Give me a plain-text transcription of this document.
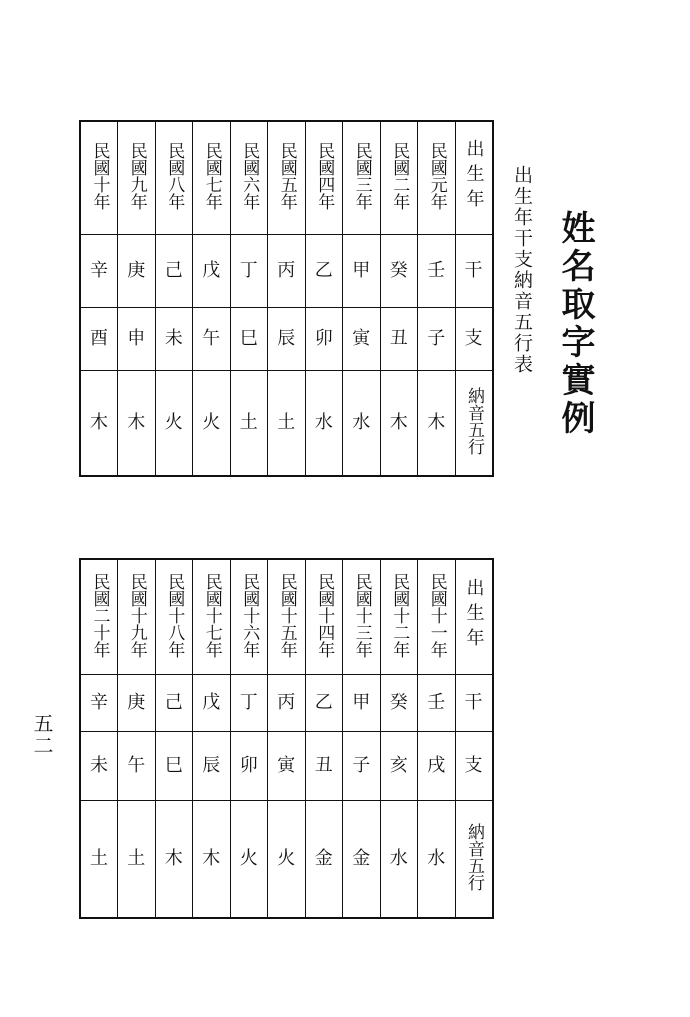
姓名取字實例
出生年干支納音五行表
五二
出生年	民國元年	民國二年	民國三年	民國四年	民國五年	民國六年	民國七年	民國八年	民國九年	民國十年
干	壬	癸	甲	乙	丙	丁	戊	己	庚	辛
支	子	丑	寅	卯	辰	巳	午	未	申	酉
納音五行	木	木	水	水	土	土	火	火	木	木
出生年	民國十一年	民國十二年	民國十三年	民國十四年	民國十五年	民國十六年	民國十七年	民國十八年	民國十九年	民國二十年
干	壬	癸	甲	乙	丙	丁	戊	己	庚	辛
支	戌	亥	子	丑	寅	卯	辰	巳	午	未
納音五行	水	水	金	金	火	火	木	木	土	土
